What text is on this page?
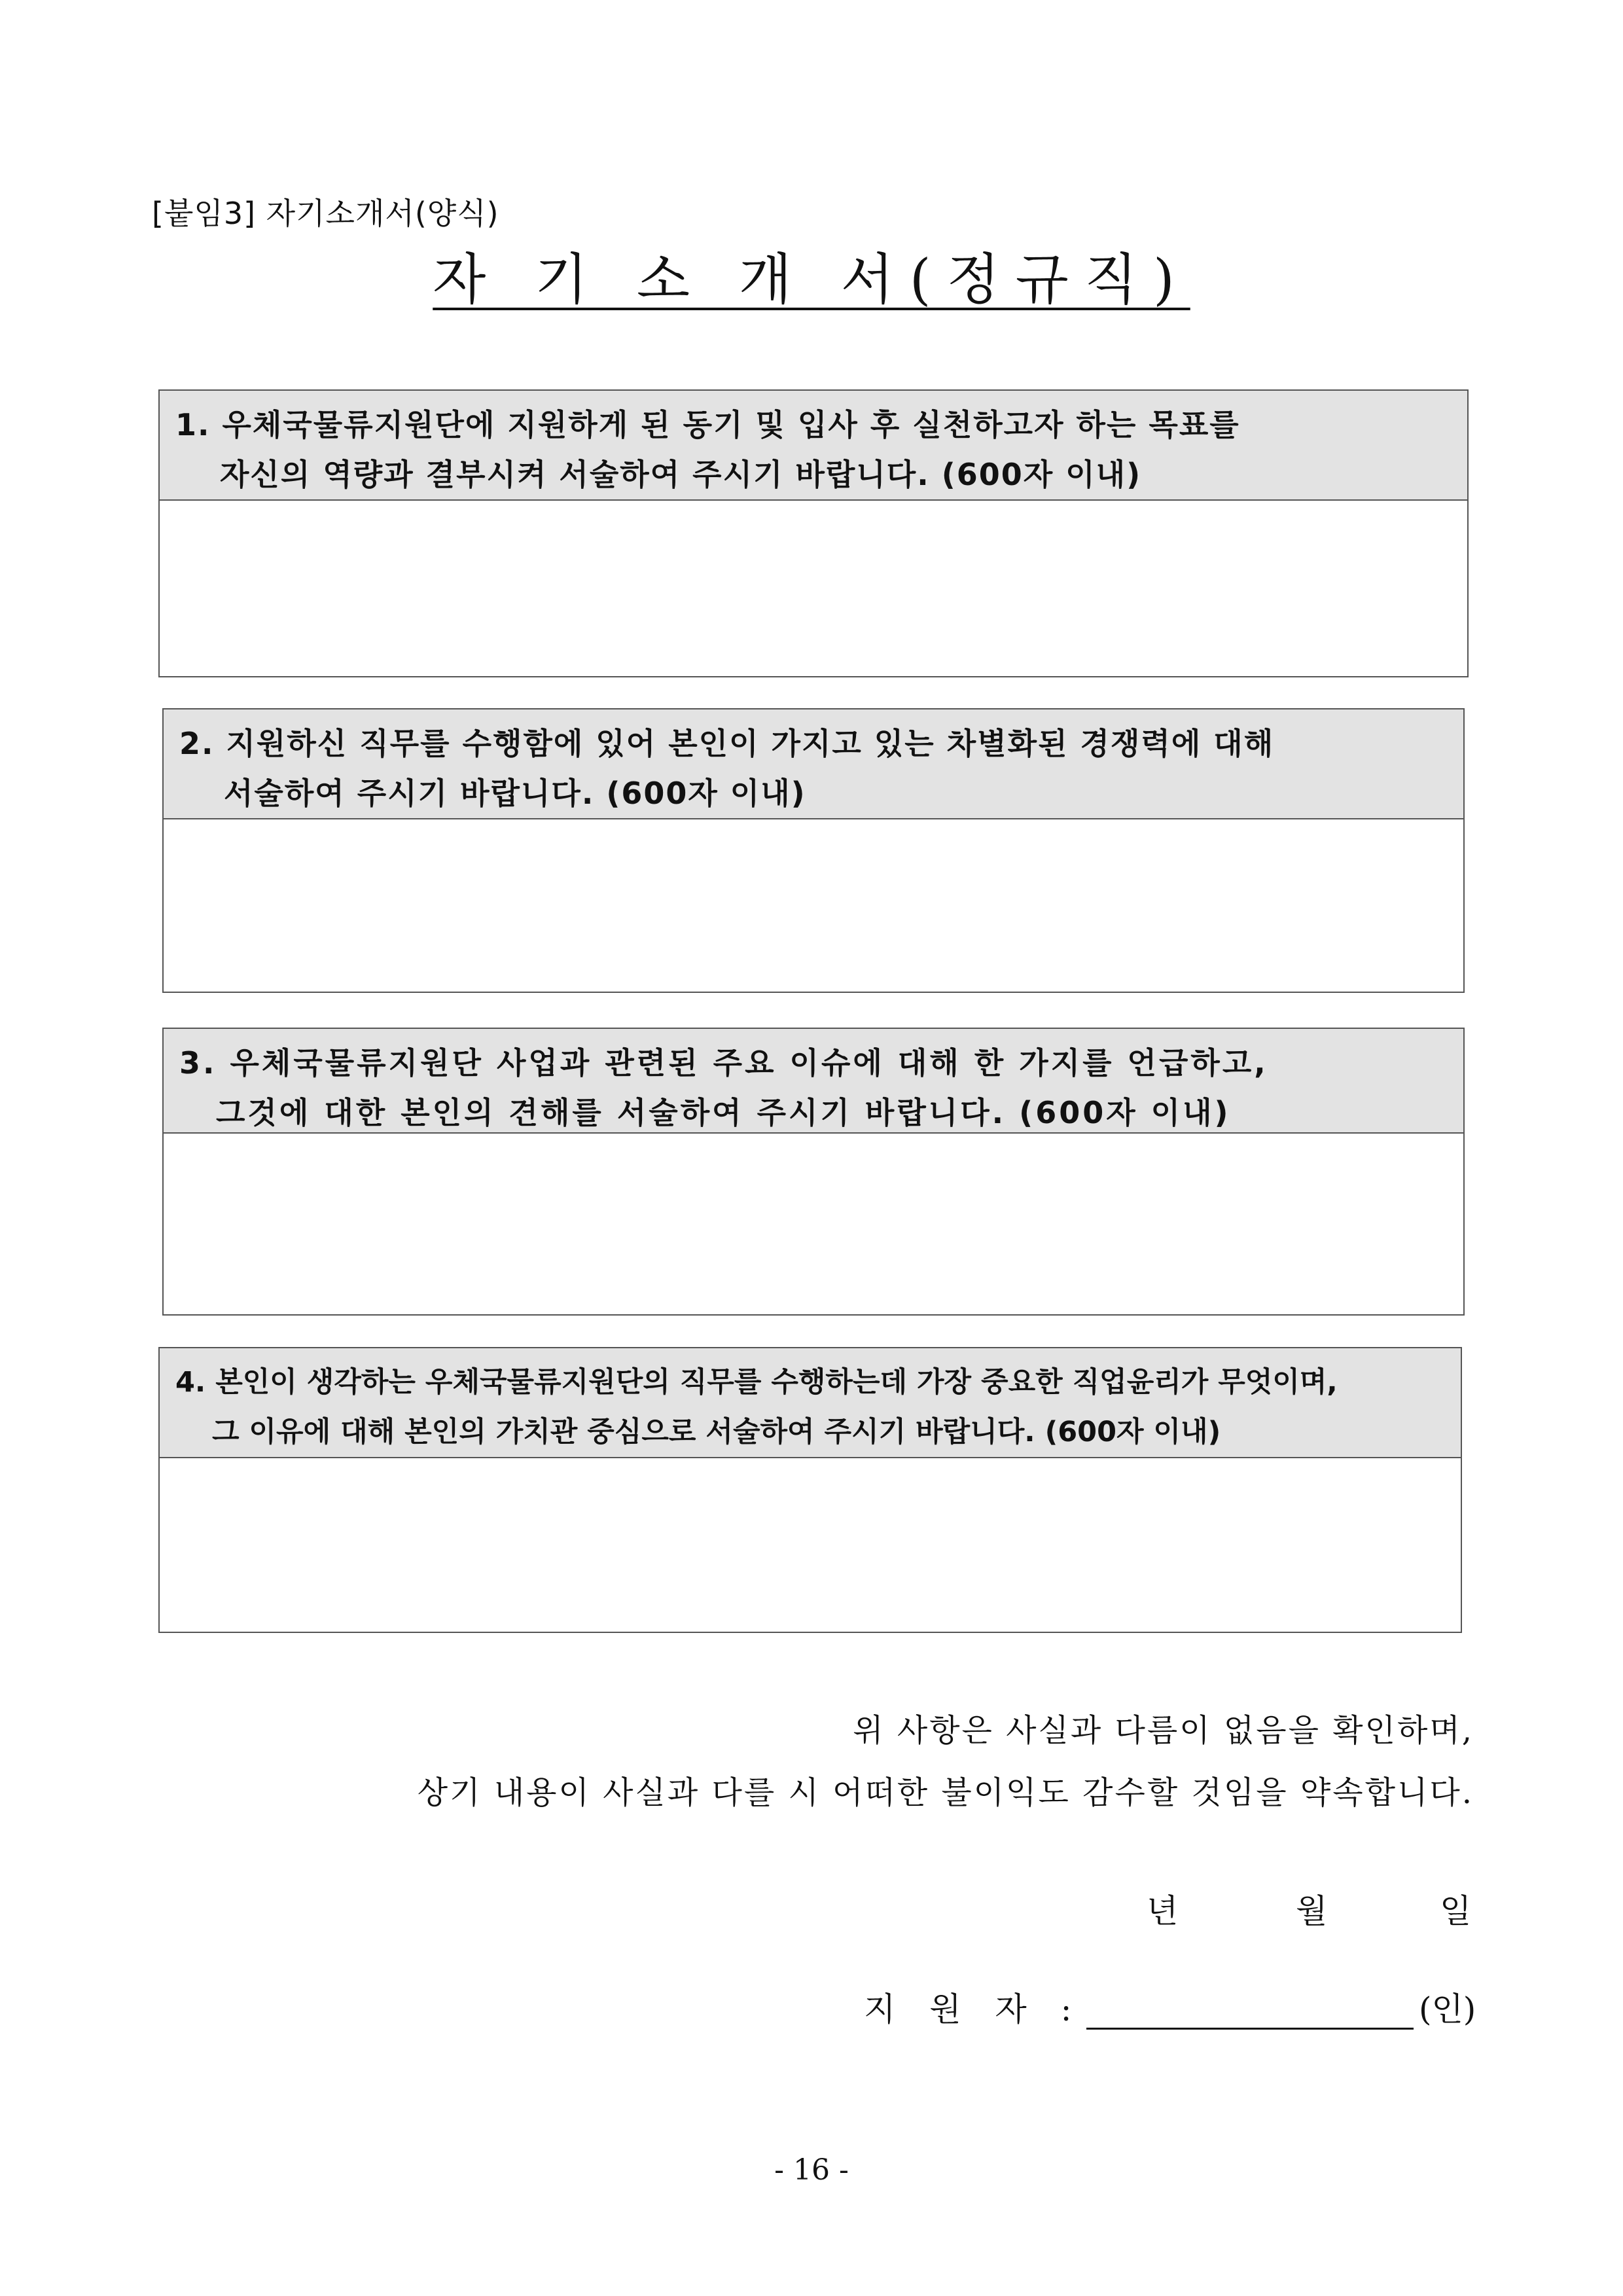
[붙임3] 자기소개서(양식)
자 기 소 개 서(정규직)
1. 우체국물류지원단에 지원하게 된 동기 및 입사 후 실천하고자 하는 목표를
자신의 역량과 결부시켜 서술하여 주시기 바랍니다. (600자 이내)
2. 지원하신 직무를 수행함에 있어 본인이 가지고 있는 차별화된 경쟁력에 대해
서술하여 주시기 바랍니다. (600자 이내)
3. 우체국물류지원단 사업과 관련된 주요 이슈에 대해 한 가지를 언급하고,
그것에 대한 본인의 견해를 서술하여 주시기 바랍니다. (600자 이내)
4. 본인이 생각하는 우체국물류지원단의 직무를 수행하는데 가장 중요한 직업윤리가 무엇이며,
그 이유에 대해 본인의 가치관 중심으로 서술하여 주시기 바랍니다. (600자 이내)
위 사항은 사실과 다름이 없음을 확인하며,
상기 내용이 사실과 다를 시 어떠한 불이익도 감수할 것임을 약속합니다.
년	월	일
지 원 자 :	(인)
- 16 -
